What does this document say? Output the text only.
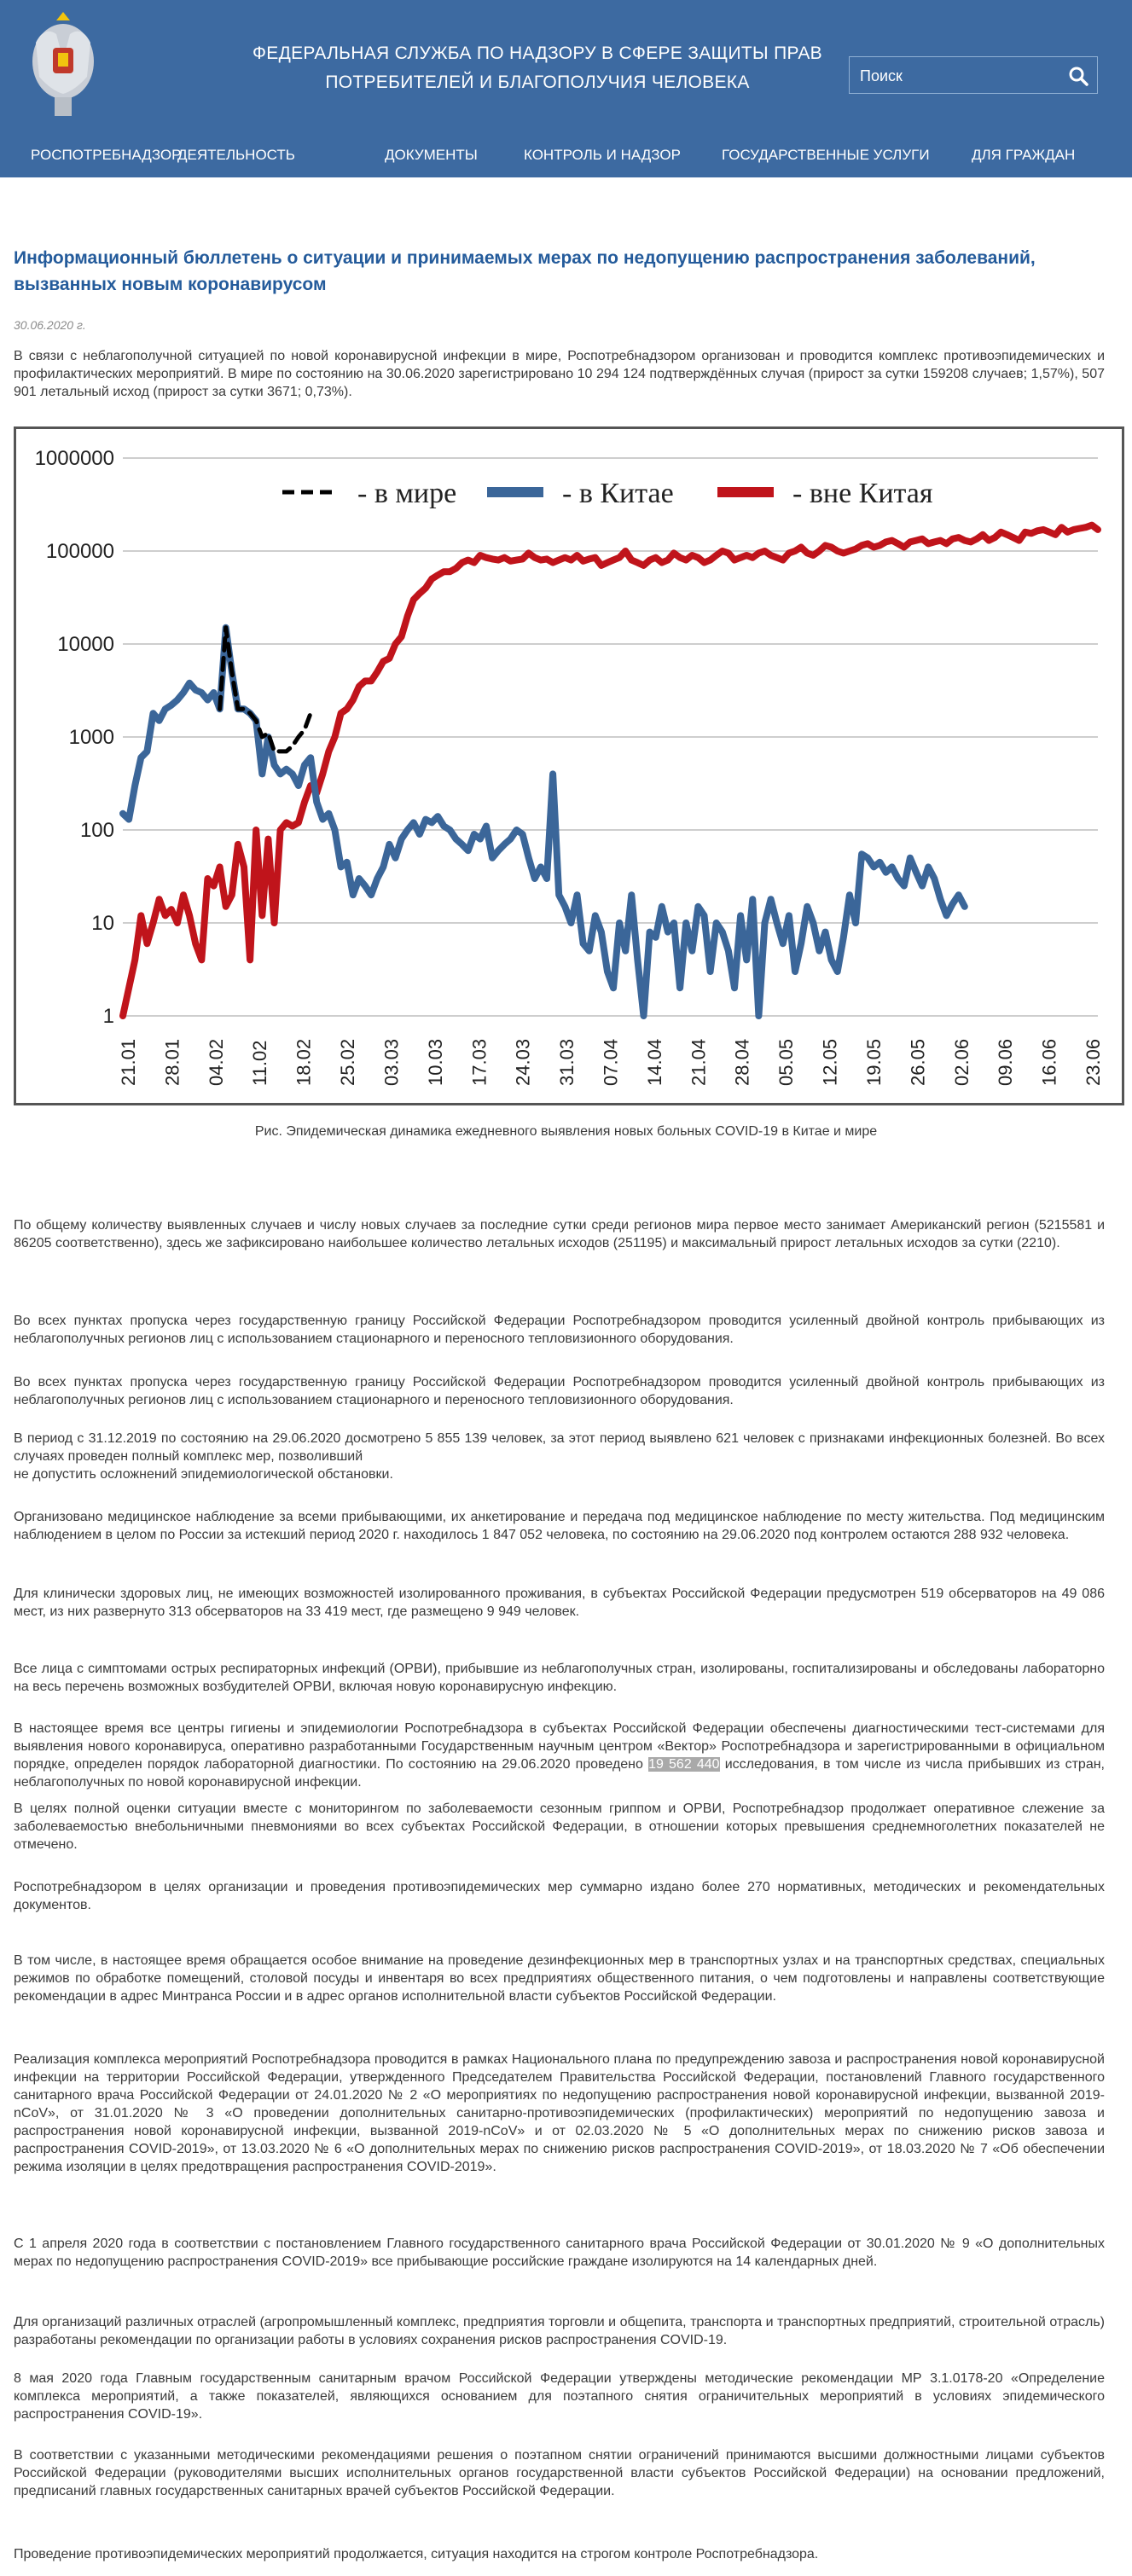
ФЕДЕРАЛЬНАЯ СЛУЖБА ПО НАДЗОРУ В СФЕРЕ ЗАЩИТЫ ПРАВ
ПОТРЕБИТЕЛЕЙ И БЛАГОПОЛУЧИЯ ЧЕЛОВЕКА
Поиск
РОСПОТРЕБНАДЗОР
ДЕЯТЕЛЬНОСТЬ	ДОКУМЕНТЫ	КОНТРОЛЬ И НАДЗОР	ГОСУДАРСТВЕННЫЕ УСЛУГИ	ДЛЯ ГРАЖДАН
Информационный бюллетень о ситуации и принимаемых мерах по недопущению распространения заболеваний, вызванных новым коронавирусом
30.06.2020 г.

В связи с неблагополучной ситуацией по новой коронавирусной инфекции в мире, Роспотребнадзором организован и проводится комплекс противоэпидемических и профилактических мероприятий. В мире по состоянию на 30.06.2020 зарегистрировано 10 294 124 подтверждённых случая (прирост за сутки 159208 случаев; 1,57%), 507 901 летальный исход (прирост за сутки 3671; 0,73%).

По общему количеству выявленных случаев и числу новых случаев за последние сутки среди регионов мира первое место занимает Американский регион (5215581 и 86205 соответственно), здесь же зафиксировано наибольшее количество летальных исходов (251195) и максимальный прирост летальных исходов за сутки (2210).

Во всех пунктах пропуска через государственную границу Российской Федерации Роспотребнадзором проводится усиленный двойной контроль прибывающих из неблагополучных регионов лиц с использованием стационарного и переносного тепловизионного оборудования.

Во всех пунктах пропуска через государственную границу Российской Федерации Роспотребнадзором проводится усиленный двойной контроль прибывающих из неблагополучных регионов лиц с использованием стационарного и переносного тепловизионного оборудования.

В период с 31.12.2019 по состоянию на 29.06.2020 досмотрено 5 855 139 человек, за этот период выявлено 621 человек с признаками инфекционных болезней. Во всех случаях проведен полный комплекс мер, позволивший

не допустить осложнений эпидемиологической обстановки.

Организовано медицинское наблюдение за всеми прибывающими, их анкетирование и передача под медицинское наблюдение по месту жительства. Под медицинским наблюдением в целом по России за истекший период 2020 г. находилось 1 847 052 человека, по состоянию на 29.06.2020 под контролем остаются 288 932 человека.

Для клинически здоровых лиц, не имеющих возможностей изолированного проживания, в субъектах Российской Федерации предусмотрен 519 обсерваторов на 49 086 мест, из них развернуто 313 обсерваторов на 33 419 мест, где размещено 9 949 человек.

Все лица с симптомами острых респираторных инфекций (ОРВИ), прибывшие из неблагополучных стран, изолированы, госпитализированы и обследованы лабораторно на весь перечень возможных возбудителей ОРВИ, включая новую коронавирусную инфекцию.

В настоящее время все центры гигиены и эпидемиологии Роспотребнадзора в субъектах Российской Федерации обеспечены диагностическими тест-системами для выявления нового коронавируса, оперативно разработанными Государственным научным центром «Вектор» Роспотребнадзора и зарегистрированными в официальном порядке, определен порядок лабораторной диагностики. По состоянию на 29.06.2020 проведено 19 562 440 исследования, в том числе из числа прибывших из стран, неблагополучных по новой коронавирусной инфекции.

В целях полной оценки ситуации вместе с мониторингом по заболеваемости сезонным гриппом и ОРВИ, Роспотребнадзор продолжает оперативное слежение за заболеваемостью внебольничными пневмониями во всех субъектах Российской Федерации, в отношении которых превышения среднемноголетних показателей не отмечено.

Роспотребнадзором в целях организации и проведения противоэпидемических мер суммарно издано более 270 нормативных, методических и рекомендательных документов.

В том числе, в настоящее время обращается особое внимание на проведение дезинфекционных мер в транспортных узлах и на транспортных средствах, специальных режимов по обработке помещений, столовой посуды и инвентаря во всех предприятиях общественного питания, о чем подготовлены и направлены соответствующие рекомендации в адрес Минтранса России и в адрес органов исполнительной власти субъектов Российской Федерации.

Реализация комплекса мероприятий Роспотребнадзора проводится в рамках Национального плана по предупреждению завоза и распространения новой коронавирусной инфекции на территории Российской Федерации, утвержденного Председателем Правительства Российской Федерации, постановлений Главного государственного санитарного врача Российской Федерации от 24.01.2020 № 2 «О мероприятиях по недопущению распространения новой коронавирусной инфекции, вызванной 2019-nCoV», от 31.01.2020 № 3 «О проведении дополнительных санитарно-противоэпидемических (профилактических) мероприятий по недопущению завоза и распространения новой коронавирусной инфекции, вызванной 2019-nCoV» и от 02.03.2020 № 5 «О дополнительных мерах по снижению рисков завоза и распространения COVID-2019», от 13.03.2020 № 6 «О дополнительных мерах по снижению рисков распространения COVID-2019», от 18.03.2020 № 7 «Об обеспечении режима изоляции в целях предотвращения распространения COVID-2019».

С 1 апреля 2020 года в соответствии с постановлением Главного государственного санитарного врача Российской Федерации от 30.01.2020 № 9 «О дополнительных мерах по недопущению распространения COVID-2019» все прибывающие российские граждане изолируются на 14 календарных дней.

Для организаций различных отраслей (агропромышленный комплекс, предприятия торговли и общепита, транспорта и транспортных предприятий, строительной отрасль) разработаны рекомендации по организации работы в условиях сохранения рисков распространения COVID-19.

8 мая 2020 года Главным государственным санитарным врачом Российской Федерации утверждены методические рекомендации МР 3.1.0178-20 «Определение комплекса мероприятий, а также показателей, являющихся основанием для поэтапного снятия ограничительных мероприятий в условиях эпидемического распространения COVID-19».

В соответствии с указанными методическими рекомендациями решения о поэтапном снятии ограничений принимаются высшими должностными лицами субъектов Российской Федерации (руководителями высших исполнительных органов государственной власти субъектов Российской Федерации) на основании предложений, предписаний главных государственных санитарных врачей субъектов Российской Федерации.

Проведение противоэпидемических мероприятий продолжается, ситуация находится на строгом контроле Роспотребнадзора.

1
10
100
1000
10000
100000
1000000
21.01 28.01 04.02 11.02 18.02 25.02 03.03 10.03 17.03 24.03 31.03 07.04 14.04 21.04 28.04 05.05 12.05 19.05 26.05 02.06 09.06 16.06 23.06
- в мире	- в Китае	- вне Китая
Рис. Эпидемическая динамика ежедневного выявления новых больных COVID-19 в Китае и мире
